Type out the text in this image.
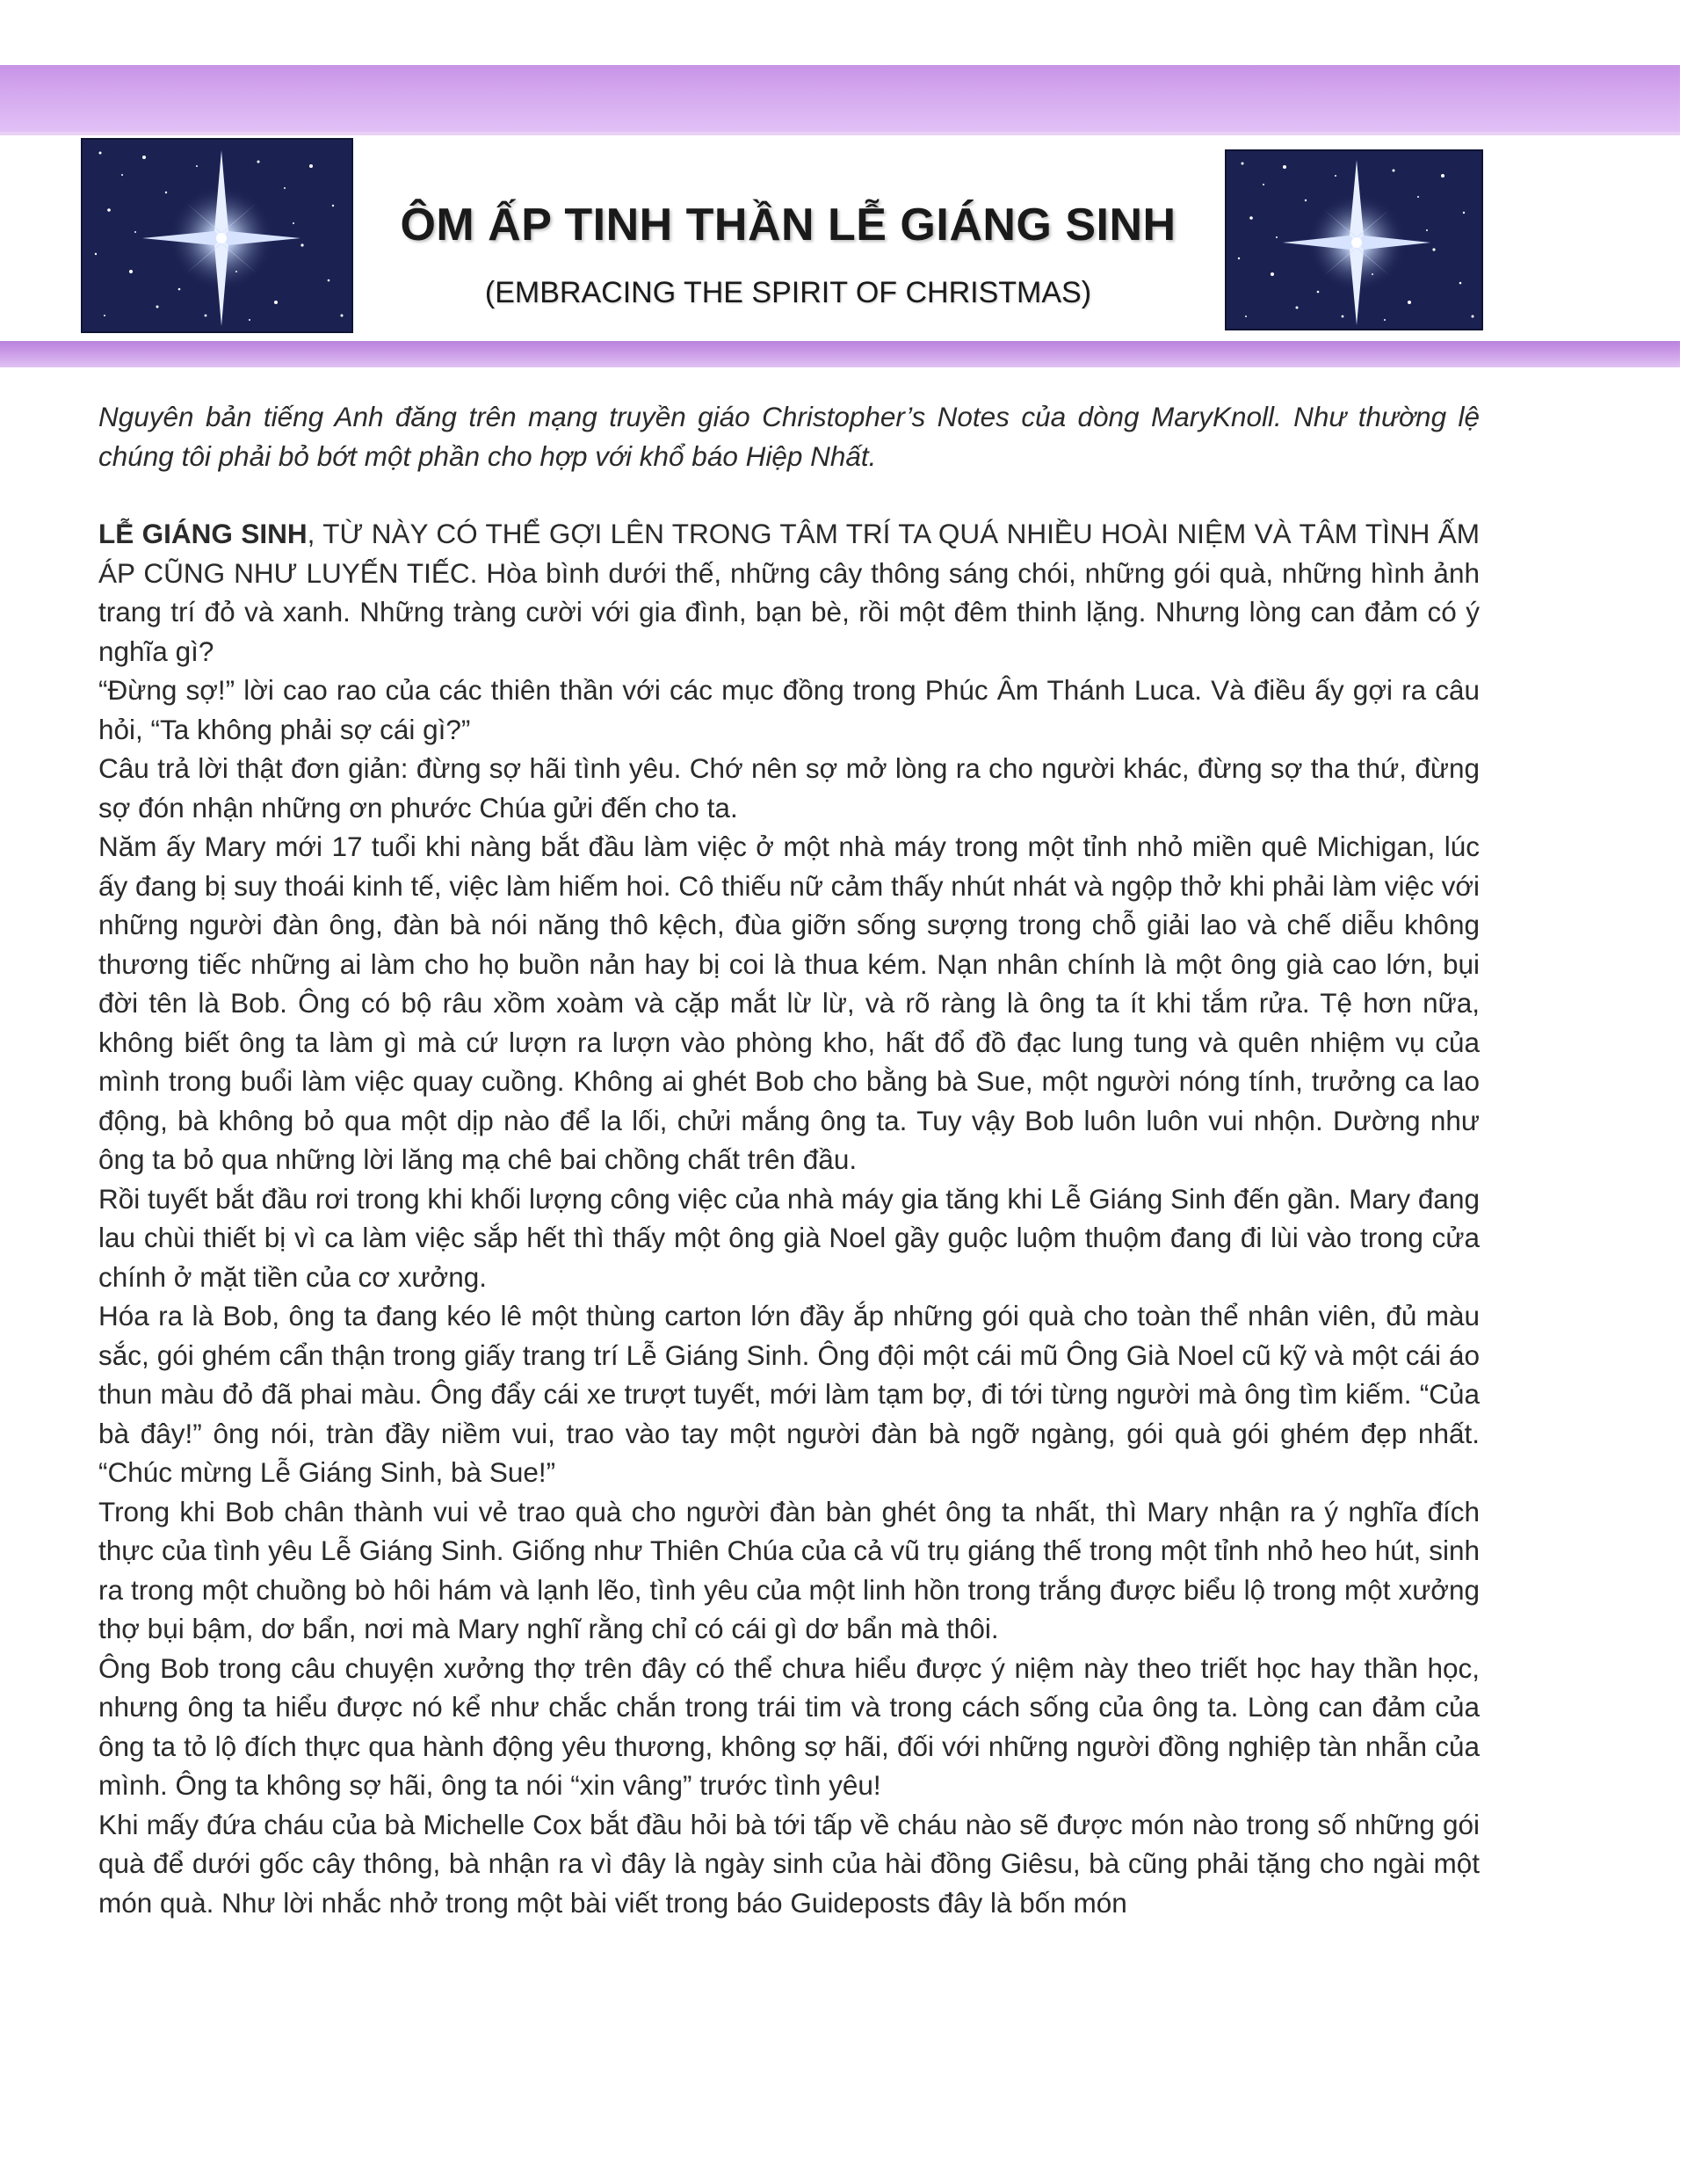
ÔM ẤP TINH THẦN LỄ GIÁNG SINH
(EMBRACING THE SPIRIT OF CHRISTMAS)

Nguyên bản tiếng Anh đăng trên mạng truyền giáo Christopher’s Notes của dòng MaryKnoll. Như thường lệ chúng tôi phải bỏ bớt một phần cho hợp với khổ báo Hiệp Nhất.

LỄ GIÁNG SINH, TỪ NÀY CÓ THỂ GỢI LÊN TRONG TÂM TRÍ TA QUÁ NHIỀU HOÀI NIỆM VÀ TÂM TÌNH ẤM ÁP CŨNG NHƯ LUYẾN TIẾC. Hòa bình dưới thế, những cây thông sáng chói, những gói quà, những hình ảnh trang trí đỏ và xanh. Những tràng cười với gia đình, bạn bè, rồi một đêm thinh lặng. Nhưng lòng can đảm có ý nghĩa gì?

“Đừng sợ!” lời cao rao của các thiên thần với các mục đồng trong Phúc Âm Thánh Luca. Và điều ấy gợi ra câu hỏi, “Ta không phải sợ cái gì?”

Câu trả lời thật đơn giản: đừng sợ hãi tình yêu. Chớ nên sợ mở lòng ra cho người khác, đừng sợ tha thứ, đừng sợ đón nhận những ơn phước Chúa gửi đến cho ta.

Năm ấy Mary mới 17 tuổi khi nàng bắt đầu làm việc ở một nhà máy trong một tỉnh nhỏ miền quê Michigan, lúc ấy đang bị suy thoái kinh tế, việc làm hiếm hoi. Cô thiếu nữ cảm thấy nhút nhát và ngộp thở khi phải làm việc với những người đàn ông, đàn bà nói năng thô kệch, đùa giỡn sống sượng trong chỗ giải lao và chế diễu không thương tiếc những ai làm cho họ buồn nản hay bị coi là thua kém. Nạn nhân chính là một ông già cao lớn, bụi đời tên là Bob. Ông có bộ râu xồm xoàm và cặp mắt lừ lừ, và rõ ràng là ông ta ít khi tắm rửa. Tệ hơn nữa, không biết ông ta làm gì mà cứ lượn ra lượn vào phòng kho, hất đổ đồ đạc lung tung và quên nhiệm vụ của mình trong buổi làm việc quay cuồng. Không ai ghét Bob cho bằng bà Sue, một người nóng tính, trưởng ca lao động, bà không bỏ qua một dịp nào để la lối, chửi mắng ông ta. Tuy vậy Bob luôn luôn vui nhộn. Dường như ông ta bỏ qua những lời lăng mạ chê bai chồng chất trên đầu.

Rồi tuyết bắt đầu rơi trong khi khối lượng công việc của nhà máy gia tăng khi Lễ Giáng Sinh đến gần. Mary đang lau chùi thiết bị vì ca làm việc sắp hết thì thấy một ông già Noel gầy guộc luộm thuộm đang đi lùi vào trong cửa chính ở mặt tiền của cơ xưởng.

Hóa ra là Bob, ông ta đang kéo lê một thùng carton lớn đầy ắp những gói quà cho toàn thể nhân viên, đủ màu sắc, gói ghém cẩn thận trong giấy trang trí Lễ Giáng Sinh. Ông đội một cái mũ Ông Già Noel cũ kỹ và một cái áo thun màu đỏ đã phai màu. Ông đẩy cái xe trượt tuyết, mới làm tạm bợ, đi tới từng người mà ông tìm kiếm. “Của bà đây!” ông nói, tràn đầy niềm vui, trao vào tay một người đàn bà ngỡ ngàng, gói quà gói ghém đẹp nhất. “Chúc mừng Lễ Giáng Sinh, bà Sue!”

Trong khi Bob chân thành vui vẻ trao quà cho người đàn bàn ghét ông ta nhất, thì Mary nhận ra ý nghĩa đích thực của tình yêu Lễ Giáng Sinh. Giống như Thiên Chúa của cả vũ trụ giáng thế trong một tỉnh nhỏ heo hút, sinh ra trong một chuồng bò hôi hám và lạnh lẽo, tình yêu của một linh hồn trong trắng được biểu lộ trong một xưởng thợ bụi bậm, dơ bẩn, nơi mà Mary nghĩ rằng chỉ có cái gì dơ bẩn mà thôi.

Ông Bob trong câu chuyện xưởng thợ trên đây có thể chưa hiểu được ý niệm này theo triết học hay thần học, nhưng ông ta hiểu được nó kể như chắc chắn trong trái tim và trong cách sống của ông ta. Lòng can đảm của ông ta tỏ lộ đích thực qua hành động yêu thương, không sợ hãi, đối với những người đồng nghiệp tàn nhẫn của mình. Ông ta không sợ hãi, ông ta nói “xin vâng” trước tình yêu!

Khi mấy đứa cháu của bà Michelle Cox bắt đầu hỏi bà tới tấp về cháu nào sẽ được món nào trong số những gói quà để dưới gốc cây thông, bà nhận ra vì đây là ngày sinh của hài đồng Giêsu, bà cũng phải tặng cho ngài một món quà. Như lời nhắc nhở trong một bài viết trong báo Guideposts đây là bốn món
